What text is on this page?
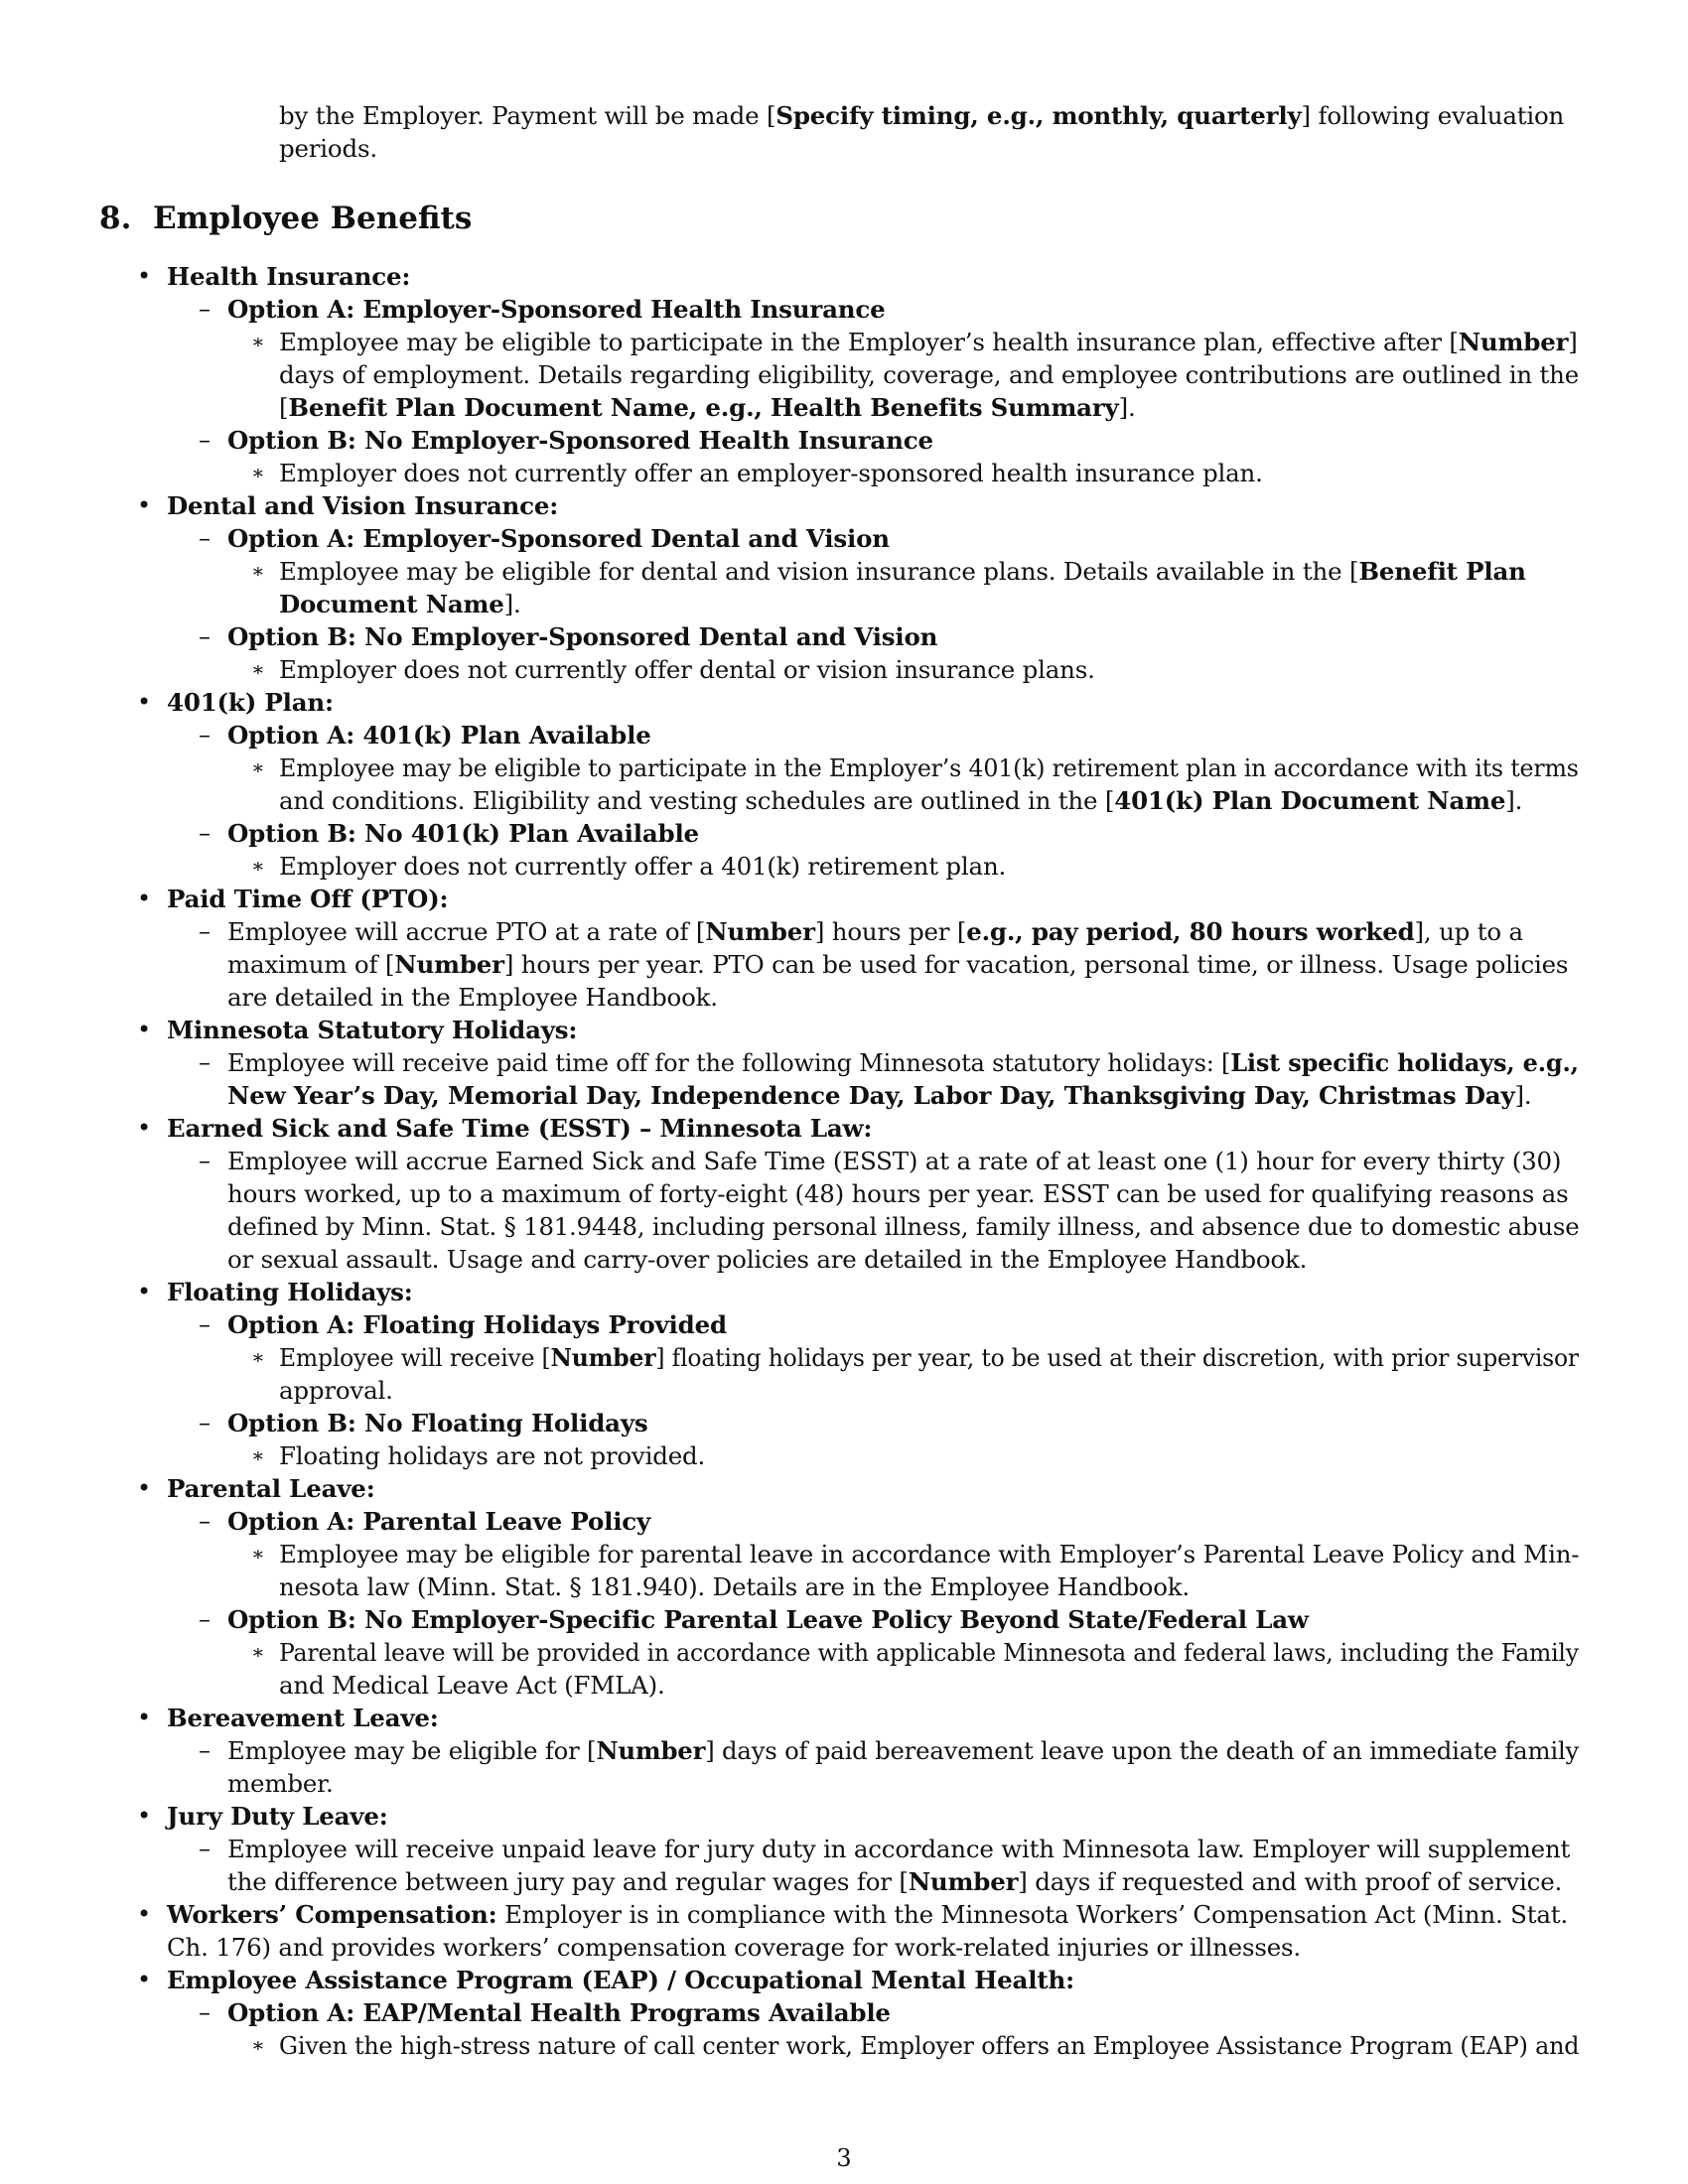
by the Employer. Payment will be made [Specify timing, e.g., monthly, quarterly] following evaluation
periods.
8. Employee Benefits
• Health Insurance:
– Option A: Employer-Sponsored Health Insurance
∗ Employee may be eligible to participate in the Employer’s health insurance plan, effective after [Number]
days of employment. Details regarding eligibility, coverage, and employee contributions are outlined in the
[Benefit Plan Document Name, e.g., Health Benefits Summary].
– Option B: No Employer-Sponsored Health Insurance
∗ Employer does not currently offer an employer-sponsored health insurance plan.
• Dental and Vision Insurance:
– Option A: Employer-Sponsored Dental and Vision
∗ Employee may be eligible for dental and vision insurance plans. Details available in the [Benefit Plan
Document Name].
– Option B: No Employer-Sponsored Dental and Vision
∗ Employer does not currently offer dental or vision insurance plans.
• 401(k) Plan:
– Option A: 401(k) Plan Available
∗ Employee may be eligible to participate in the Employer’s 401(k) retirement plan in accordance with its terms
and conditions. Eligibility and vesting schedules are outlined in the [401(k) Plan Document Name].
– Option B: No 401(k) Plan Available
∗ Employer does not currently offer a 401(k) retirement plan.
• Paid Time Off (PTO):
– Employee will accrue PTO at a rate of [Number] hours per [e.g., pay period, 80 hours worked], up to a
maximum of [Number] hours per year. PTO can be used for vacation, personal time, or illness. Usage policies
are detailed in the Employee Handbook.
• Minnesota Statutory Holidays:
– Employee will receive paid time off for the following Minnesota statutory holidays: [List specific holidays, e.g.,
New Year’s Day, Memorial Day, Independence Day, Labor Day, Thanksgiving Day, Christmas Day].
• Earned Sick and Safe Time (ESST) – Minnesota Law:
– Employee will accrue Earned Sick and Safe Time (ESST) at a rate of at least one (1) hour for every thirty (30)
hours worked, up to a maximum of forty-eight (48) hours per year. ESST can be used for qualifying reasons as
defined by Minn. Stat. § 181.9448, including personal illness, family illness, and absence due to domestic abuse
or sexual assault. Usage and carry-over policies are detailed in the Employee Handbook.
• Floating Holidays:
– Option A: Floating Holidays Provided
∗ Employee will receive [Number] floating holidays per year, to be used at their discretion, with prior supervisor
approval.
– Option B: No Floating Holidays
∗ Floating holidays are not provided.
• Parental Leave:
– Option A: Parental Leave Policy
∗ Employee may be eligible for parental leave in accordance with Employer’s Parental Leave Policy and Min-
nesota law (Minn. Stat. § 181.940). Details are in the Employee Handbook.
– Option B: No Employer-Specific Parental Leave Policy Beyond State/Federal Law
∗ Parental leave will be provided in accordance with applicable Minnesota and federal laws, including the Family
and Medical Leave Act (FMLA).
• Bereavement Leave:
– Employee may be eligible for [Number] days of paid bereavement leave upon the death of an immediate family
member.
• Jury Duty Leave:
– Employee will receive unpaid leave for jury duty in accordance with Minnesota law. Employer will supplement
the difference between jury pay and regular wages for [Number] days if requested and with proof of service.
• Workers’ Compensation: Employer is in compliance with the Minnesota Workers’ Compensation Act (Minn. Stat.
Ch. 176) and provides workers’ compensation coverage for work-related injuries or illnesses.
• Employee Assistance Program (EAP) / Occupational Mental Health:
– Option A: EAP/Mental Health Programs Available
∗ Given the high-stress nature of call center work, Employer offers an Employee Assistance Program (EAP) and
3
